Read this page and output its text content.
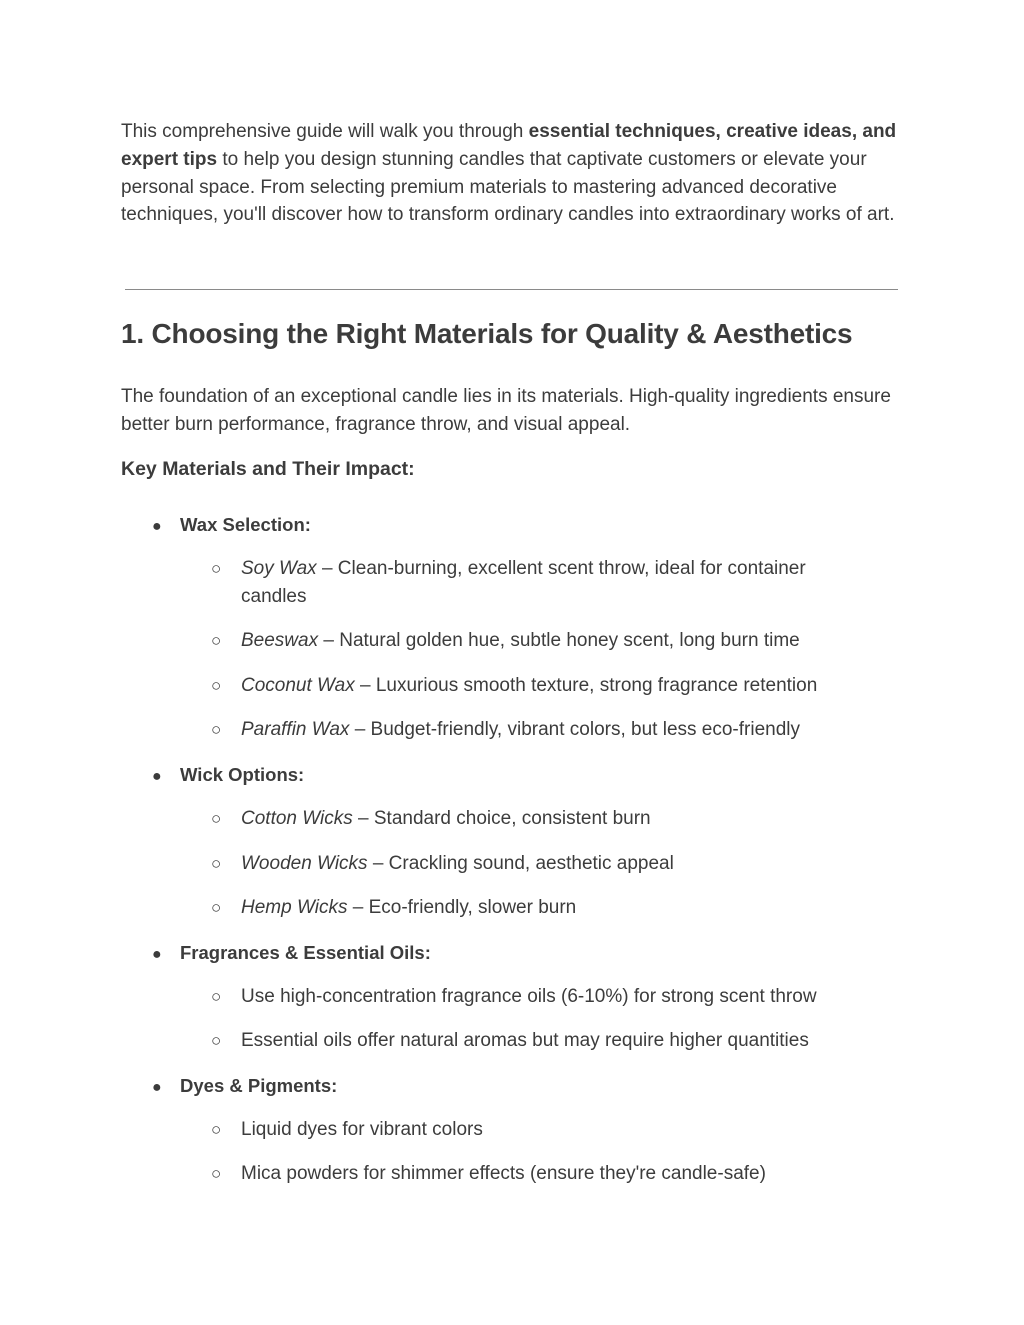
This comprehensive guide will walk you through essential techniques, creative ideas, and expert tips to help you design stunning candles that captivate customers or elevate your personal space. From selecting premium materials to mastering advanced decorative techniques, you'll discover how to transform ordinary candles into extraordinary works of art.

1. Choosing the Right Materials for Quality & Aesthetics

The foundation of an exceptional candle lies in its materials. High-quality ingredients ensure better burn performance, fragrance throw, and visual appeal.

Key Materials and Their Impact:
● Wax Selection:
○ Soy Wax – Clean-burning, excellent scent throw, ideal for container candles
○ Beeswax – Natural golden hue, subtle honey scent, long burn time
○ Coconut Wax – Luxurious smooth texture, strong fragrance retention
○ Paraffin Wax – Budget-friendly, vibrant colors, but less eco-friendly
● Wick Options:
○ Cotton Wicks – Standard choice, consistent burn
○ Wooden Wicks – Crackling sound, aesthetic appeal
○ Hemp Wicks – Eco-friendly, slower burn
● Fragrances & Essential Oils:
○ Use high-concentration fragrance oils (6-10%) for strong scent throw
○ Essential oils offer natural aromas but may require higher quantities
● Dyes & Pigments:
○ Liquid dyes for vibrant colors
○ Mica powders for shimmer effects (ensure they're candle-safe)
